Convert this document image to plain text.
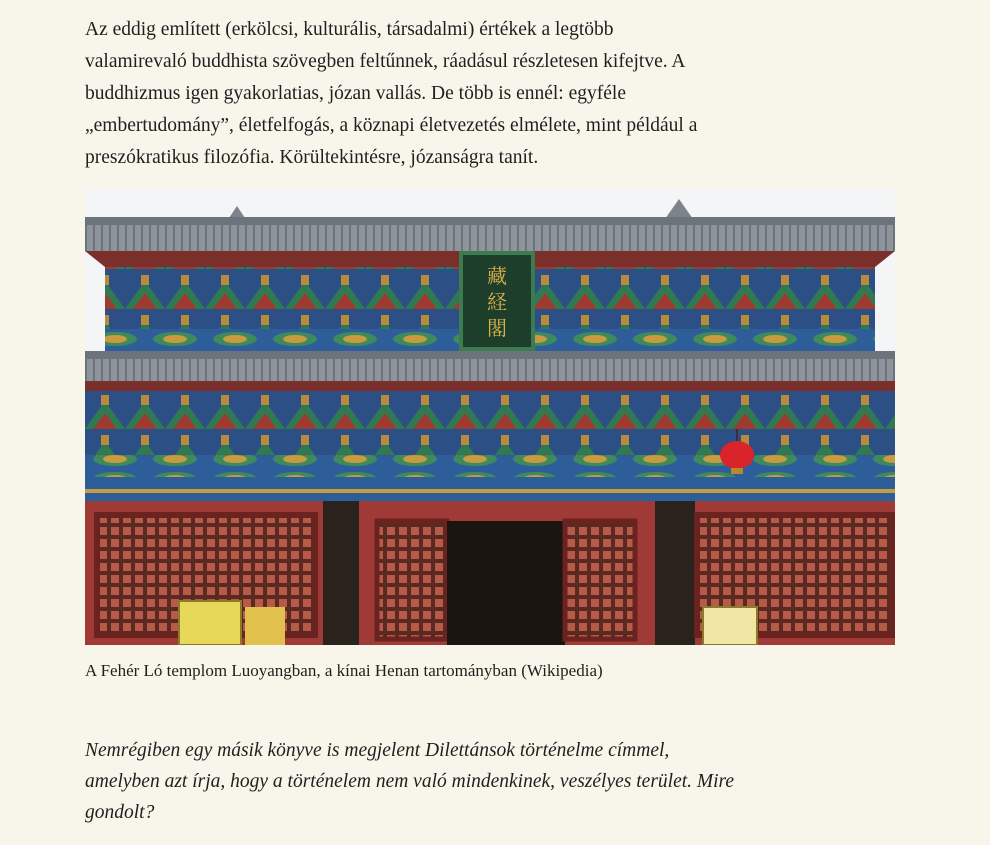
Az eddig említett (erkölcsi, kulturális, társadalmi) értékek a legtöbb
valamirevaló buddhista szövegben feltűnnek, ráadásul részletesen kifejtve. A
buddhizmus igen gyakorlatias, józan vallás. De több is ennél: egyféle
„embertudomány”, életfelfogás, a köznapi életvezetés elmélete, mint például a
preszókratikus filozófia. Körültekintésre, józanságra tanít.

藏
経
閣
A Fehér Ló templom Luoyangban, a kínai Henan tartományban (Wikipedia)

Nemrégiben egy másik könyve is megjelent Dilettánsok történelme címmel,
amelyben azt írja, hogy a történelem nem való mindenkinek, veszélyes terület. Mire
gondolt?
